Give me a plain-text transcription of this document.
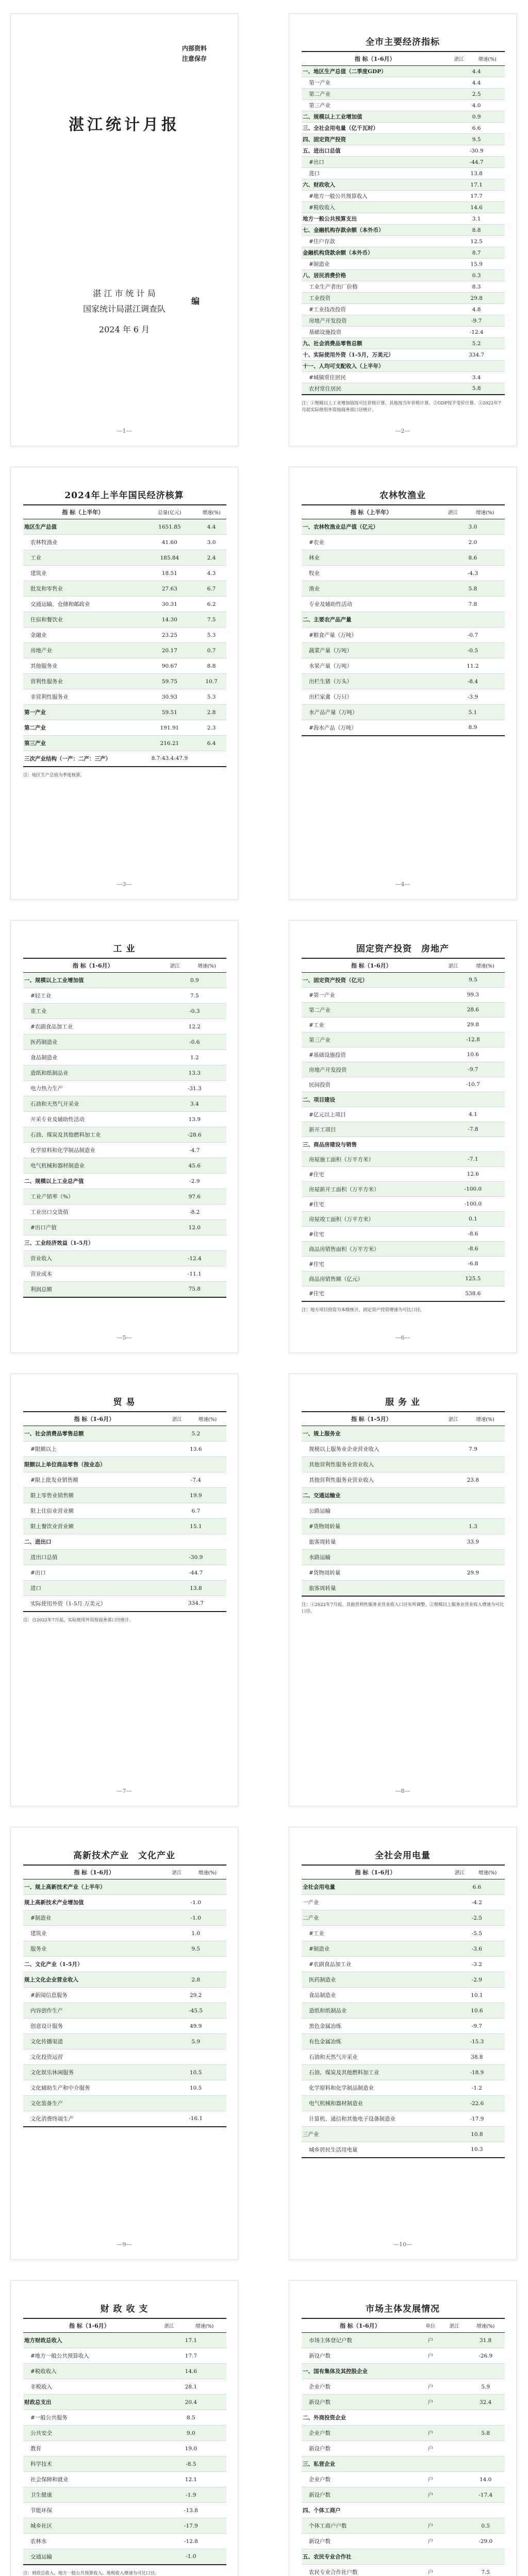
内部资料
注意保存
湛江统计月报
湛 江 市 统 计 局
国家统计局湛江调查队
编
2024 年 6 月
—1—
全市主要经济指标
指 标（1-6月）	湛江	增速(%)
一、地区生产总值（二季度GDP）	4.4	
第一产业	4.4	
第二产业	2.5	
第三产业	4.0	
二、规模以上工业增加值	0.9	
三、全社会用电量（亿千瓦时）	6.6	
四、固定资产投资	9.5	
五、进出口总值	-30.9	
#出口	-44.7	
进口	13.8	
六、财政收入	17.1	
#地方一般公共预算收入	17.7	
#税收收入	14.6	
地方一般公共预算支出	3.1	
七、金融机构存款余额（本外币）	8.8	
#住户存款	12.5	
金融机构贷款余额（本外币）	8.7	
#制造业	15.9	
八、居民消费价格	0.3	
工业生产者出厂价格	8.3	
工业投资	29.8	
#工业技改投资	4.8	
房地产开发投资	-9.7	
基础设施投资	-12.4	
九、社会消费品零售总额	5.2	
十、实际使用外资（1-5月，万美元）	334.7	
十一、人均可支配收入（上半年）		
#城镇常住居民	3.4	
农村常住居民	5.8	
注：①规模以上工业增加值按可比价格计算，其他按当年价格计算。②GDP按不变价计算。③2022年7月起实际使用外资按商务部口径统计。
—2—
2024年上半年国民经济核算
指 标（上半年）	总量(亿元)	增速(%)
地区生产总值	1651.85	4.4
农林牧渔业	41.60	3.0
工业	185.84	2.4
建筑业	18.51	4.3
批发和零售业	27.63	6.7
交通运输、仓储和邮政业	30.31	6.2
住宿和餐饮业	14.30	7.5
金融业	23.25	5.3
房地产业	20.17	0.7
其他服务业	90.67	8.8
营利性服务业	59.75	10.7
非营利性服务业	30.93	5.3
第一产业	59.51	2.8
第二产业	191.91	2.3
第三产业	216.21	6.4
三次产业结构（一产：二产：三产）	8.7:43.4:47.9	
注：地区生产总值为季度核算。
—3—
农林牧渔业
指 标（上半年）	湛江	增速(%)
一、农林牧渔业总产值（亿元）	3.0	
#农业	2.0	
林业	8.6	
牧业	-4.3	
渔业	5.8	
专业及辅助性活动	7.8	
二、主要农产品产量		
#粮食产量（万吨）	-0.7	
蔬菜产量（万吨）	-0.5	
水果产量（万吨）	11.2	
出栏生猪（万头）	-8.4	
出栏家禽（万只）	-3.9	
水产品产量（万吨）	5.1	
#海水产品（万吨）	8.9	
—4—
工 业
指 标（1-6月）	湛江	增速(%)
一、规模以上工业增加值	0.9	
#轻工业	7.5	
重工业	-0.3	
#农副食品加工业	12.2	
医药制造业	-0.6	
食品制造业	1.2	
造纸和纸制品业	13.3	
电力热力生产	-31.3	
石油和天然气开采业	3.4	
开采专业及辅助性活动	13.9	
石油、煤炭及其他燃料加工业	-28.6	
化学原料和化学制品制造业	-4.7	
电气机械和器材制造业	45.6	
二、规模以上工业总产值	-2.9	
工业产销率（%）	97.6	
工业出口交货值	-8.2	
#出口产值	12.0	
三、工业经济效益（1-5月）		
营业收入	-12.4	
营业成本	-11.1	
利润总额	75.8	
—5—
固定资产投资　房地产
指 标（1-6月）	湛江	增速(%)
一、固定资产投资（亿元）	9.5	
#第一产业	99.3	
第二产业	28.6	
#工业	29.8	
第三产业	-12.8	
#基础设施投资	10.6	
房地产开发投资	-9.7	
民间投资	-10.7	
二、项目建设		
#亿元以上项目	4.1	
新开工项目	-7.8	
三、商品房建设与销售		
房屋施工面积（万平方米）	-7.1	
#住宅	12.6	
房屋新开工面积（万平方米）	-100.0	
#住宅	-100.0	
房屋竣工面积（万平方米）	0.1	
#住宅	-8.6	
商品房销售面积（万平方米）	-8.6	
#住宅	-6.8	
商品房销售额（亿元）	125.5	
#住宅	538.6	
注：地方项目投资为本级统计，固定资产投资增速为可比口径。
—6—
贸 易
指 标（1-6月）	湛江	增速(%)
一、社会消费品零售总额	5.2	
#限额以上	13.6	
限额以上单位商品零售（按业态）		
#限上批发业销售额	-7.4	
限上零售业销售额	19.9	
限上住宿业营业额	6.7	
限上餐饮业营业额	15.1	
二、进出口		
进出口总值	-30.9	
#出口	-44.7	
进口	13.8	
实际使用外资（1-5月 万美元）	334.7	
注：自2022年7月起，实际使用外资按商务部口径统计。
—7—
服 务 业
指 标（1-5月）	湛江	增速(%)
一、规上服务业		
规模以上服务业企业营业收入	7.9	
其他营利性服务业营业收入		
其他营利性服务业营业收入	23.8	
二、交通运输业		
公路运输		
#货物周转量	1.3	
旅客周转量	33.9	
水路运输		
#货物周转量	29.9	
旅客周转量		
注：①2022年7月起，其他营利性服务业营业收入口径有所调整。②规模以上服务业营业收入增速为可比口径。
—8—
高新技术产业　文化产业
指 标（1-6月）	湛江	增速(%)
一、规上高新技术产业（上半年）		
规上高新技术产业增加值	-1.0	
#制造业	-1.0	
建筑业	1.0	
服务业	9.5	
二、文化产业（1-5月）		
规上文化企业营业收入	2.8	
#新闻信息服务	29.2	
内容创作生产	-45.5	
创意设计服务	49.9	
文化传播渠道	5.9	
文化投资运营		
文化娱乐休闲服务	10.5	
文化辅助生产和中介服务	10.5	
文化装备生产		
文化消费终端生产	-16.1	
—9—
全社会用电量
指 标（1-6月）	湛江	增速(%)
全社会用电量	6.6	
一产业	-4.2	
二产业	-2.5	
#工业	-5.5	
#制造业	-3.6	
#农副食品加工业	-3.2	
医药制造业	-2.9	
食品制造业	10.1	
造纸和纸制品业	10.6	
黑色金属冶炼	-9.7	
有色金属冶炼	-15.3	
石油和天然气开采业	38.8	
石油、煤炭及其他燃料加工业	-18.9	
化学原料和化学制品制造业	-1.2	
电气机械和器材制造业	-22.6	
计算机、通信和其他电子设备制造业	-17.9	
三产业	10.8	
城乡居民生活用电量	10.3	
—10—
财 政 收 支
指 标（1-6月）	湛江	增速(%)
地方财政总收入	17.1	
#地方一般公共预算收入	17.7	
#税收收入	14.6	
非税收入	28.1	
财政总支出	20.4	
#一般公共服务	8.5	
公共安全	9.0	
教育	19.0	
科学技术	-8.5	
社会保障和就业	12.1	
卫生健康	-1.9	
节能环保	-13.8	
城乡社区	-17.9	
农林水	-12.8	
交通运输	-1.0	
注：财政总收入、地方一般公共预算收入、地税收入增速为可比口径。
市场主体发展情况
指 标（1-6月）	单位	湛江	增速(%)
市场主体登记户数	户		31.8
新设户数	户		-26.9
一、国有集体及其控股企业			
企业户数	户		5.9
新设户数	户		32.4
二、外商投资企业			
企业户数	户		5.8
新设户数	户		
三、私营企业			
企业户数	户		14.0
新设户数	户		-17.4
四、个体工商户			
个体工商户户数	户		0.5
新设户数	户		-29.0
五、农民专业合作社			
农民专业合作社户数	户		7.5
